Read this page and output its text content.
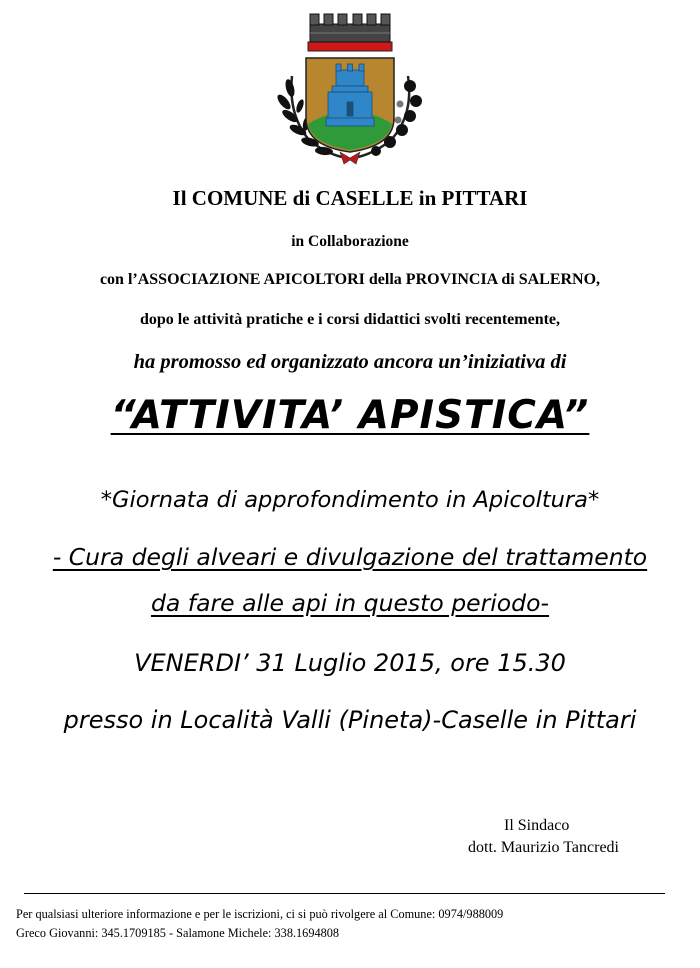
Il COMUNE di CASELLE in PITTARI
in Collaborazione
con l’ASSOCIAZIONE APICOLTORI della PROVINCIA di SALERNO,
dopo le attività pratiche e i corsi didattici svolti recentemente,
ha promosso ed organizzato ancora un’iniziativa di
“ATTIVITA’ APISTICA”
*Giornata di approfondimento in Apicoltura*
- Cura degli alveari e divulgazione del trattamento
da fare alle api in questo periodo-
VENERDI’ 31 Luglio 2015, ore 15.30
presso in Località Valli (Pineta)-Caselle in Pittari
Il Sindaco
dott. Maurizio Tancredi
Per qualsiasi ulteriore informazione e per le iscrizioni, ci si può rivolgere al Comune: 0974/988009
Greco Giovanni: 345.1709185 - Salamone Michele: 338.1694808
